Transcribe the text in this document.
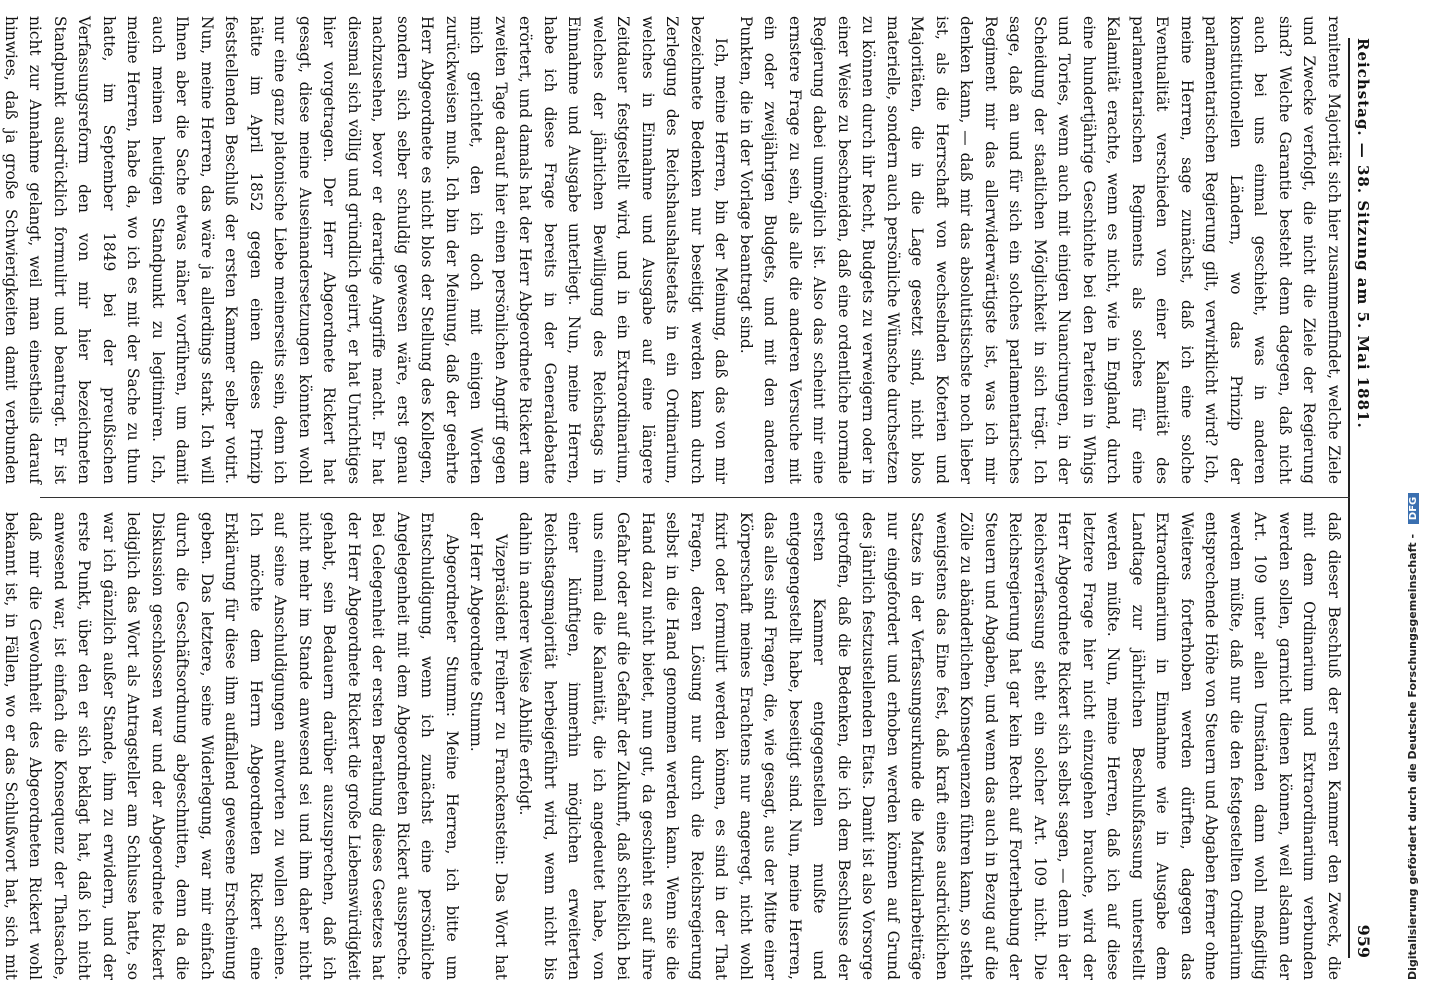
Reichstag. — 38. Sitzung am 5. Mai 1881.
959

renitente Majorität sich hier zusammenfindet, welche Ziele und Zwecke verfolgt, die nicht die Ziele der Regierung sind? Welche Garantie besteht denn dagegen, daß nicht auch bei uns einmal geschieht, was in anderen konstitutionellen Ländern, wo das Prinzip der parlamentarischen Regierung gilt, verwirklicht wird? Ich, meine Herren, sage zunächst, daß ich eine solche Eventualität verschieden von einer Kalamität des parlamentarischen Regiments als solches für eine Kalamität erachte, wenn es nicht, wie in England, durch eine hundertjährige Geschichte bei den Parteien in Whigs und Tories, wenn auch mit einigen Nuancirungen, in der Scheidung der staatlichen Möglichkeit in sich trägt. Ich sage, daß an und für sich ein solches parlamentarisches Regiment mir das allerwiderwärtigste ist, was ich mir denken kann, — daß mir das absolutistischste noch lieber ist, als die Herrschaft von wechselnden Koterien und Majoritäten, die in die Lage gesetzt sind, nicht blos materielle, sondern auch persönliche Wünsche durchsetzen zu können durch ihr Recht, Budgets zu verweigern oder in einer Weise zu beschneiden, daß eine ordentliche normale Regierung dabei unmöglich ist. Also das scheint mir eine ernstere Frage zu sein, als alle die anderen Versuche mit ein oder zweijährigen Budgets, und mit den anderen Punkten, die in der Vorlage beantragt sind.

Ich, meine Herren, bin der Meinung, daß das von mir bezeichnete Bedenken nur beseitigt werden kann durch Zerlegung des Reichshaushaltsetats in ein Ordinarium, welches in Einnahme und Ausgabe auf eine längere Zeitdauer festgestellt wird, und in ein Extraordinarium, welches der jährlichen Bewilligung des Reichstags in Einnahme und Ausgabe unterliegt. Nun, meine Herren, habe ich diese Frage bereits in der Generaldebatte erörtert, und damals hat der Herr Abgeordnete Rickert am zweiten Tage darauf hier einen persönlichen Angriff gegen mich gerichtet, den ich doch mit einigen Worten zurückweisen muß. Ich bin der Meinung, daß der geehrte Herr Abgeordnete es nicht blos der Stellung des Kollegen, sondern sich selber schuldig gewesen wäre, erst genau nachzusehen, bevor er derartige Angriffe macht. Er hat diesmal sich völlig und gründlich geirrt, er hat Unrichtiges hier vorgetragen. Der Herr Abgeordnete Rickert hat gesagt, diese meine Auseinandersetzungen könnten wohl nur eine ganz platonische Liebe meinerseits sein, denn ich hätte im April 1852 gegen einen dieses Prinzip feststellenden Beschluß der ersten Kammer selber votirt. Nun, meine Herren, das wäre ja allerdings stark. Ich will Ihnen aber die Sache etwas näher vorführen, um damit auch meinen heutigen Standpunkt zu legitimiren. Ich, meine Herren, habe da, wo ich es mit der Sache zu thun hatte, im September 1849 bei der preußischen Verfassungsreform den von mir hier bezeichneten Standpunkt ausdrücklich formulirt und beantragt. Er ist nicht zur Annahme gelangt, weil man einestheils darauf hinwies, daß ja große Schwierigkeiten damit verbunden

daß dieser Beschluß der ersten Kammer den Zweck, die mit dem Ordinarium und Extraordinarium verbunden werden sollen, garnicht dienen können, weil alsdann der Art. 109 unter allen Umständen dann wohl maßgiltig werden müßte, daß nur die den festgestellten Ordinarium entsprechende Höhe von Steuern und Abgaben ferner ohne Weiteres forterhoben werden dürften, dagegen das Extraordinarium in Einnahme wie in Ausgabe dem Landtage zur jährlichen Beschlußfassung unterstellt werden müßte. Nun, meine Herren, daß ich auf diese letztere Frage hier nicht einzugehen brauche, wird der Herr Abgeordnete Rickert sich selbst sagen, — denn in der Reichsverfassung steht ein solcher Art. 109 nicht. Die Reichsregierung hat gar kein Recht auf Forterhebung der Steuern und Abgaben, und wenn das auch in Bezug auf die Zölle zu abänderlichen Konsequenzen führen kann, so steht wenigstens das Eine fest, daß kraft eines ausdrücklichen Satzes in der Verfassungsurkunde die Matrikularbeiträge nur eingefordert und erhoben werden können auf Grund des jährlich festzustellenden Etats. Damit ist also Vorsorge getroffen, daß die Bedenken, die ich dem Beschlusse der ersten Kammer entgegenstellen mußte und entgegengestellt habe, beseitigt sind. Nun, meine Herren, das alles sind Fragen, die, wie gesagt, aus der Mitte einer Körperschaft meines Erachtens nur angeregt, nicht wohl fixirt oder formulirt werden können, es sind in der That Fragen, deren Lösung nur durch die Reichsregierung selbst in die Hand genommen werden kann. Wenn sie die Hand dazu nicht bietet, nun gut, da geschieht es auf ihre Gefahr oder auf die Gefahr der Zukunft, daß schließlich bei uns einmal die Kalamität, die ich angedeutet habe, von einer künftigen, immerhin möglichen erweiterten Reichstagsmajorität herbeigeführt wird, wenn nicht bis dahin in anderer Weise Abhilfe erfolgt.

Vizepräsident Freiherr zu Franckenstein: Das Wort hat der Herr Abgeordnete Stumm.

Abgeordneter Stumm: Meine Herren, ich bitte um Entschuldigung, wenn ich zunächst eine persönliche Angelegenheit mit dem Abgeordneten Rickert ausspreche. Bei Gelegenheit der ersten Berathung dieses Gesetzes hat der Herr Abgeordnete Rickert die große Liebenswürdigkeit gehabt, sein Bedauern darüber auszusprechen, daß ich nicht mehr im Stande anwesend sei und ihm daher nicht auf seine Anschuldigungen antworten zu wollen schiene. Ich möchte dem Herrn Abgeordneten Rickert eine Erklärung für diese ihm auffallend gewesene Erscheinung geben. Das letztere, seine Widerlegung, war mir einfach durch die Geschäftsordnung abgeschnitten, denn da die Diskussion geschlossen war und der Abgeordnete Rickert lediglich das Wort als Antragsteller am Schlusse hatte, so war ich gänzlich außer Stande, ihm zu erwidern, und der erste Punkt, über den er sich beklagt hat, daß ich nicht anwesend war, ist einfach die Konsequenz der Thatsache, daß mir die Gewohnheit des Abgeordneten Rickert wohl bekannt ist, in Fällen, wo er das Schlußwort hat, sich mit	Digitalisierung gefördert durch die Deutsche Forschungsgemeinschaft - DFG
